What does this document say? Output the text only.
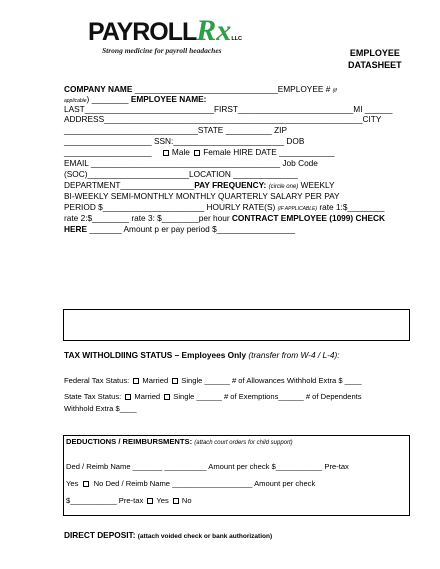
PAYROLLRxLLC
Strong medicine for payroll headaches	EMPLOYEE
DATASHEET
COMPANY NAME _______________________________EMPLOYEE # (if
applicable) ________ EMPLOYEE NAME:
LAST____________________________FIRST_________________________MI ______
ADDRESS________________________________________________________CITY
_____________________________STATE __________ ZIP
___________________ SSN:________________________ DOB
___________________ Male Female HIRE DATE ____________
EMAIL _________________________________________ Job Code
(SOC)______________________LOCATION ______________
DEPARTMENT________________PAY FREQUENCY: (circle one) WEEKLY
BI-WEEKLY SEMI-MONTHLY MONTHLY QUARTERLY SALARY PER PAY
PERIOD $______________________ HOURLY RATE(S) (IF APPLICABLE) rate 1:$________
rate 2:$________ rate 3: $________per hour CONTRACT EMPLOYEE (1099) CHECK
HERE _______ Amount p er pay period $_________________
TAX WITHOLDIING STATUS – Employees Only (transfer from W-4 / L-4):
Federal Tax Status: Married Single ______ # of Allowances Withhold Extra $ ____
State Tax Status: Married Single ______ # of Exemptions______ # of Dependents
Withhold Extra $____
DEDUCTIONS / REIMBURSMENTS: (attach court orders for child support)
Ded / Reimb Name _______ __________ Amount per check $___________ Pre-tax
Yes No Ded / Reimb Name ___________________ Amount per check
$___________ Pre-tax Yes No
DIRECT DEPOSIT: (attach voided check or bank authorization)
